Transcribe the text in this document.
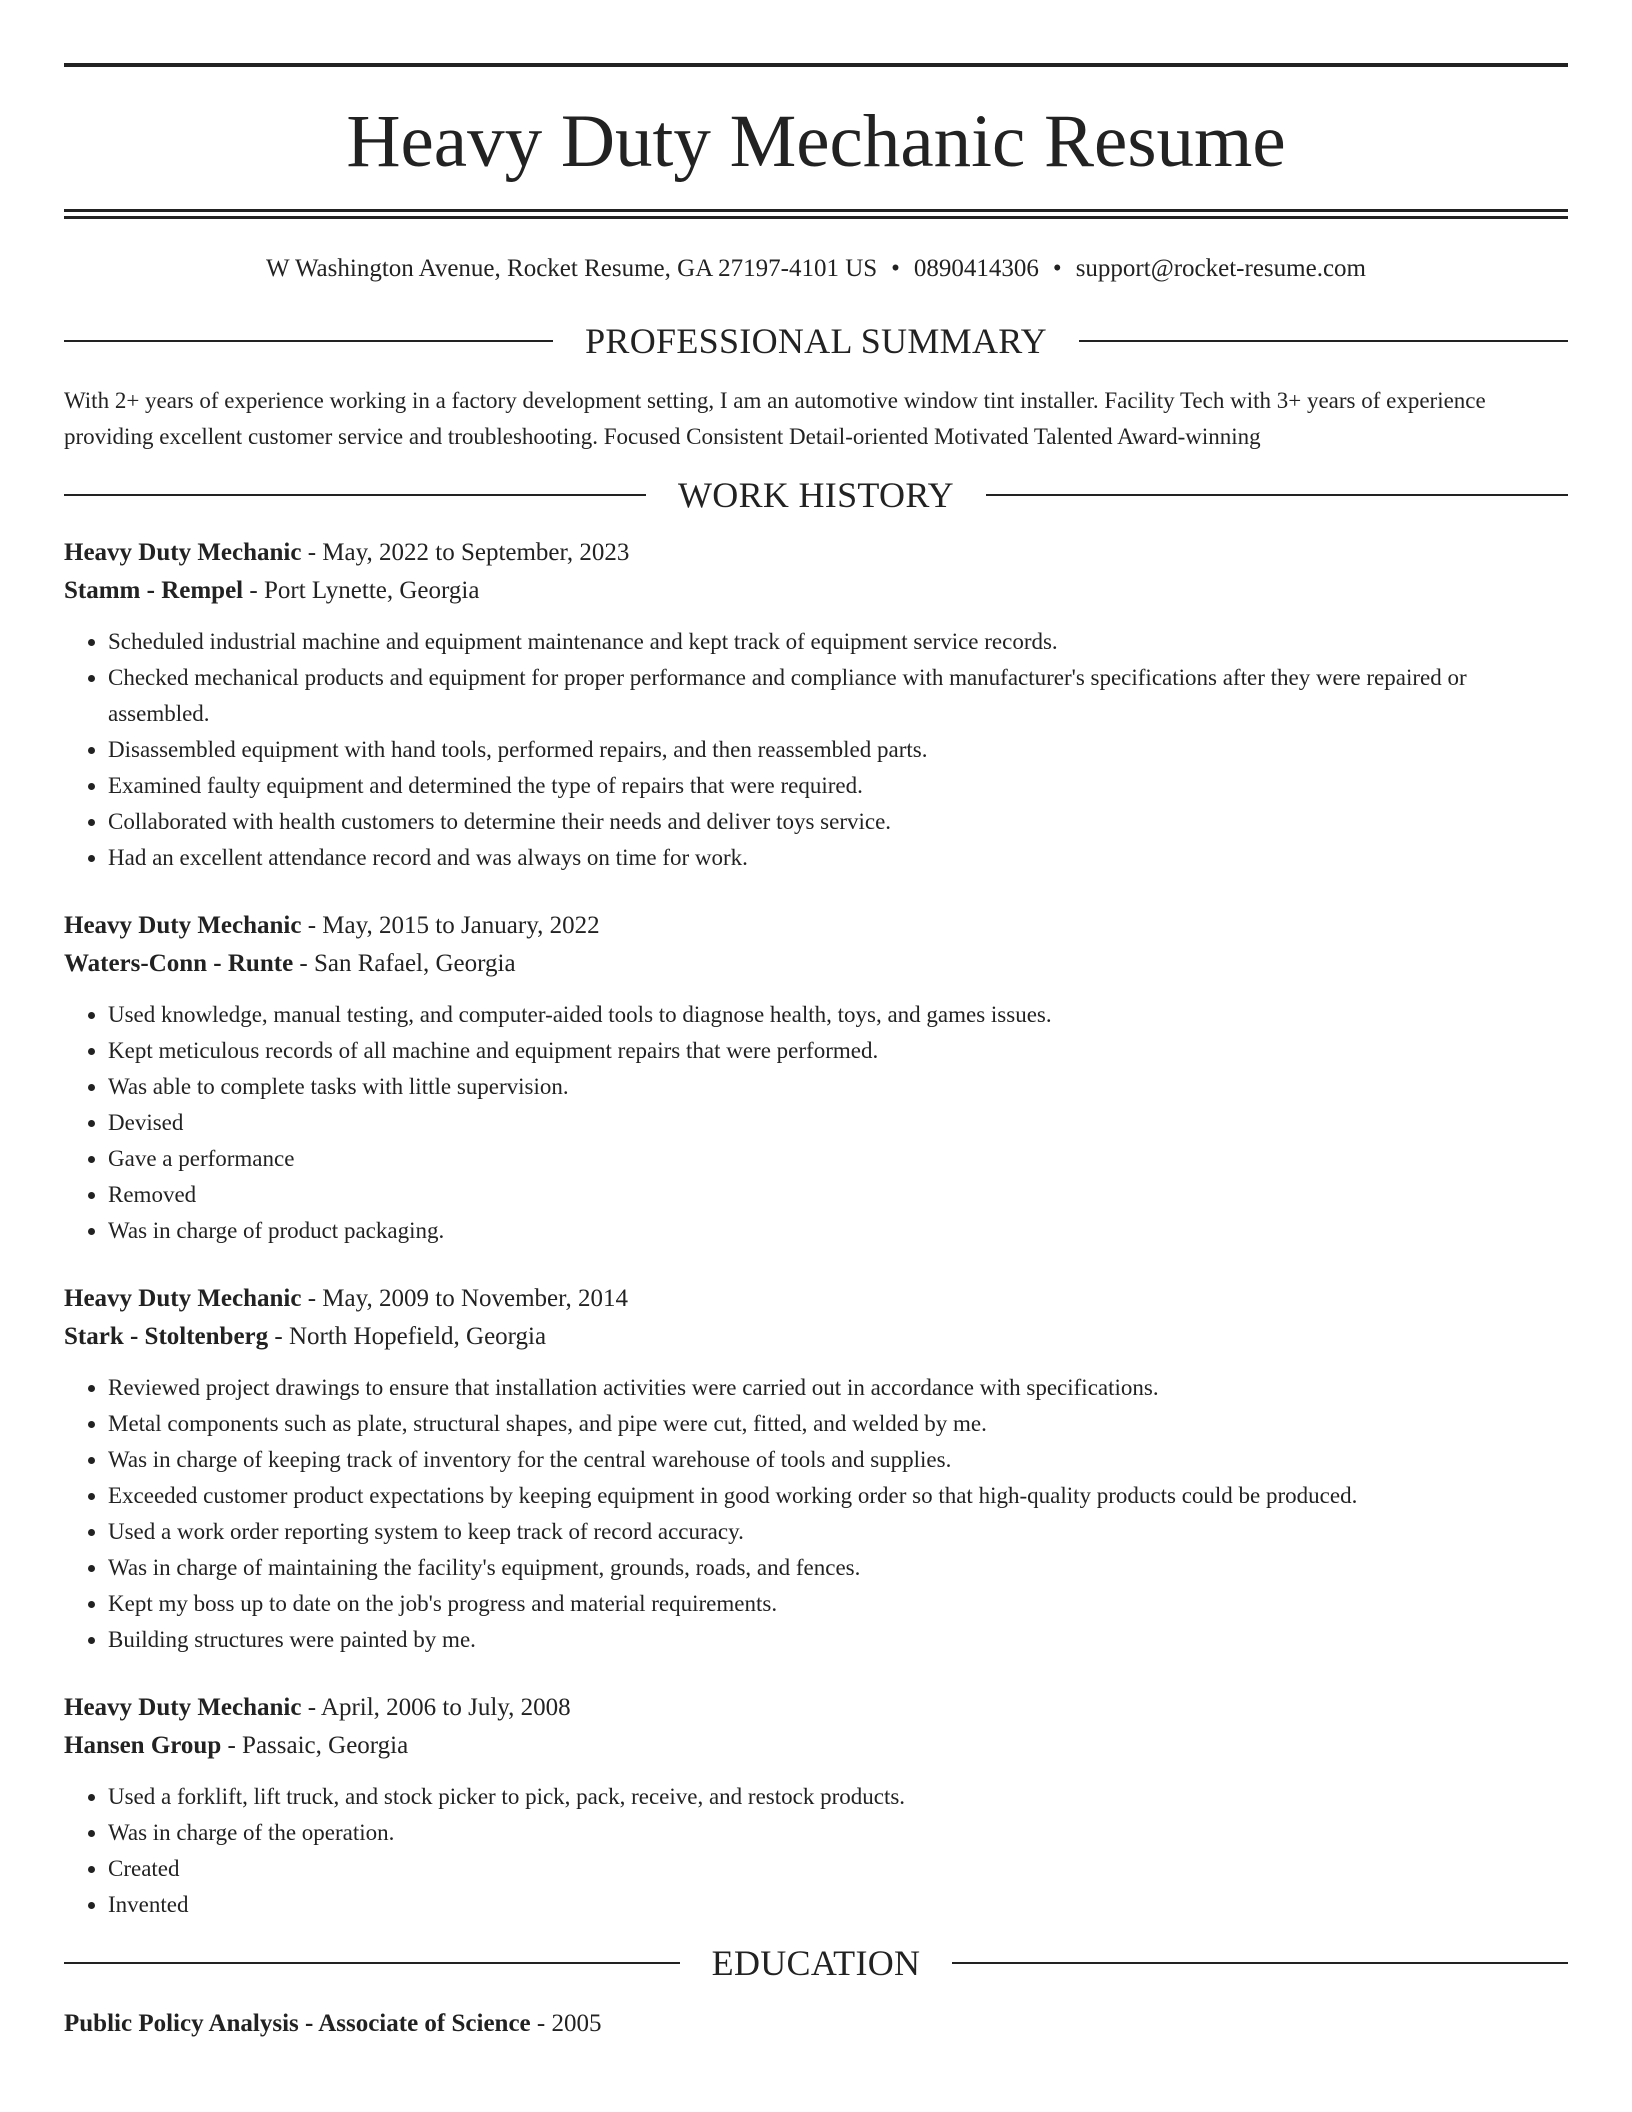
Heavy Duty Mechanic Resume
W Washington Avenue, Rocket Resume, GA 27197-4101 US • 0890414306 • support@rocket-resume.com
PROFESSIONAL SUMMARY
With 2+ years of experience working in a factory development setting, I am an automotive window tint installer. Facility Tech with 3+ years of experience providing excellent customer service and troubleshooting. Focused Consistent Detail-oriented Motivated Talented Award-winning
WORK HISTORY
Heavy Duty Mechanic - May, 2022 to September, 2023
Stamm - Rempel - Port Lynette, Georgia
• Scheduled industrial machine and equipment maintenance and kept track of equipment service records.
• Checked mechanical products and equipment for proper performance and compliance with manufacturer's specifications after they were repaired or assembled.
• Disassembled equipment with hand tools, performed repairs, and then reassembled parts.
• Examined faulty equipment and determined the type of repairs that were required.
• Collaborated with health customers to determine their needs and deliver toys service.
• Had an excellent attendance record and was always on time for work.
Heavy Duty Mechanic - May, 2015 to January, 2022
Waters-Conn - Runte - San Rafael, Georgia
• Used knowledge, manual testing, and computer-aided tools to diagnose health, toys, and games issues.
• Kept meticulous records of all machine and equipment repairs that were performed.
• Was able to complete tasks with little supervision.
• Devised
• Gave a performance
• Removed
• Was in charge of product packaging.
Heavy Duty Mechanic - May, 2009 to November, 2014
Stark - Stoltenberg - North Hopefield, Georgia
• Reviewed project drawings to ensure that installation activities were carried out in accordance with specifications.
• Metal components such as plate, structural shapes, and pipe were cut, fitted, and welded by me.
• Was in charge of keeping track of inventory for the central warehouse of tools and supplies.
• Exceeded customer product expectations by keeping equipment in good working order so that high-quality products could be produced.
• Used a work order reporting system to keep track of record accuracy.
• Was in charge of maintaining the facility's equipment, grounds, roads, and fences.
• Kept my boss up to date on the job's progress and material requirements.
• Building structures were painted by me.
Heavy Duty Mechanic - April, 2006 to July, 2008
Hansen Group - Passaic, Georgia
• Used a forklift, lift truck, and stock picker to pick, pack, receive, and restock products.
• Was in charge of the operation.
• Created
• Invented
EDUCATION
Public Policy Analysis - Associate of Science - 2005
